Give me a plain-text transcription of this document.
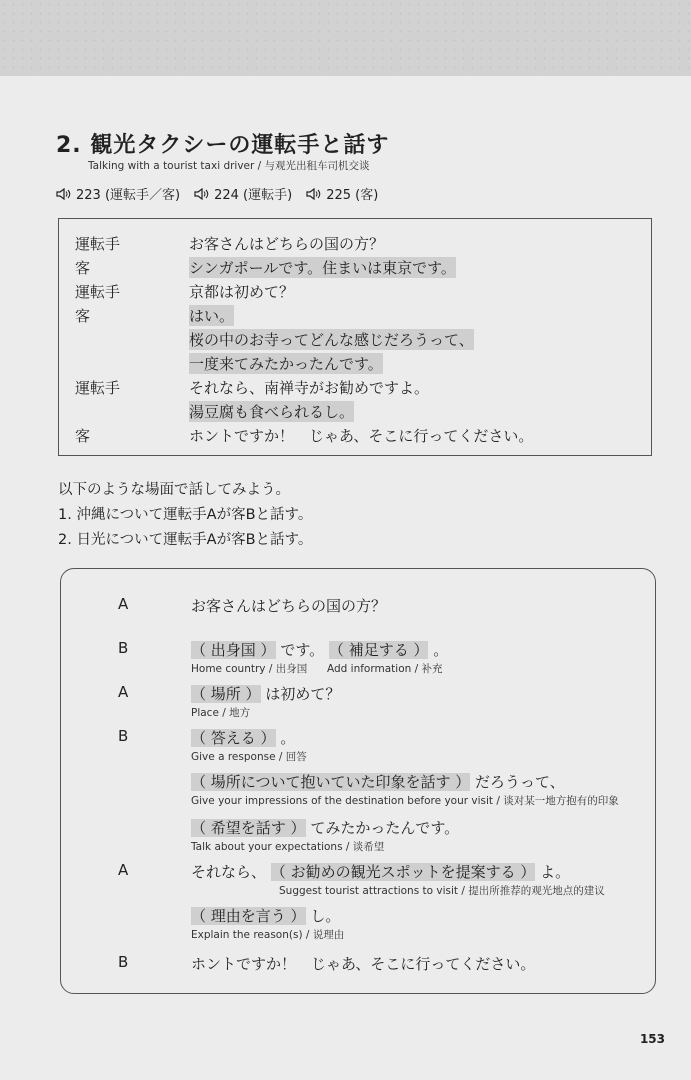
2. 観光タクシーの運転手と話す
Talking with a tourist taxi driver / 与观光出租车司机交谈
223 (運転手／客)	224 (運転手)	225 (客)
運転手	お客さんはどちらの国の方？
客	シンガポールです。住まいは東京です。
運転手	京都は初めて？
客	はい。
桜の中のお寺ってどんな感じだろうって、
一度来てみたかったんです。
運転手	それなら、南禅寺がお勧めですよ。
湯豆腐も食べられるし。
客	ホントですか！　じゃあ、そこに行ってください。
以下のような場面で話してみよう。
1. 沖縄について運転手Aが客Bと話す。
2. 日光について運転手Aが客Bと話す。
A	お客さんはどちらの国の方？
B	（ 出身国 ） です。 （ 補足する ） 。
Home country / 出身国 Add information / 补充
A	（ 場所 ） は初めて？
Place / 地方
B	（ 答える ） 。
Give a response / 回答
（ 場所について抱いていた印象を話す ） だろうって、
Give your impressions of the destination before your visit / 谈对某一地方抱有的印象
（ 希望を話す ） てみたかったんです。
Talk about your expectations / 谈希望
A	それなら、 （ お勧めの観光スポットを提案する ） よ。
Suggest tourist attractions to visit / 提出所推荐的观光地点的建议
（ 理由を言う ） し。
Explain the reason(s) / 说理由
B	ホントですか！　じゃあ、そこに行ってください。
153
